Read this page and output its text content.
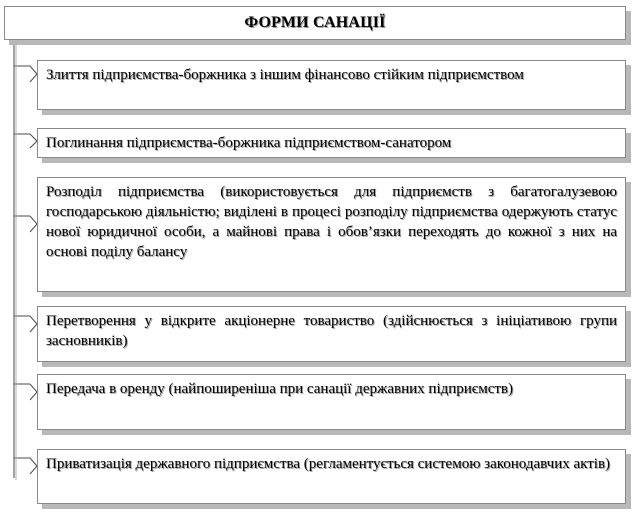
ФОРМИ САНАЦІЇ
Злиття підприємства-боржника з іншим фінансово стійким підприємством
Поглинання підприємства-боржника підприємством-санатором
Розподіл підприємства (використовується для підприємств з багатогалузевою господарською діяльністю; виділені в процесі розподілу підприємства одержують статус нової юридичної особи, а майнові права і обов’язки переходять до кожної з них на основі поділу балансу
Перетворення у відкрите акціонерне товариство (здійснюється з ініціативою групи засновників)
Передача в оренду (найпоширеніша при санації державних підприємств)
Приватизація державного підприємства (регламентується системою законодавчих актів)
